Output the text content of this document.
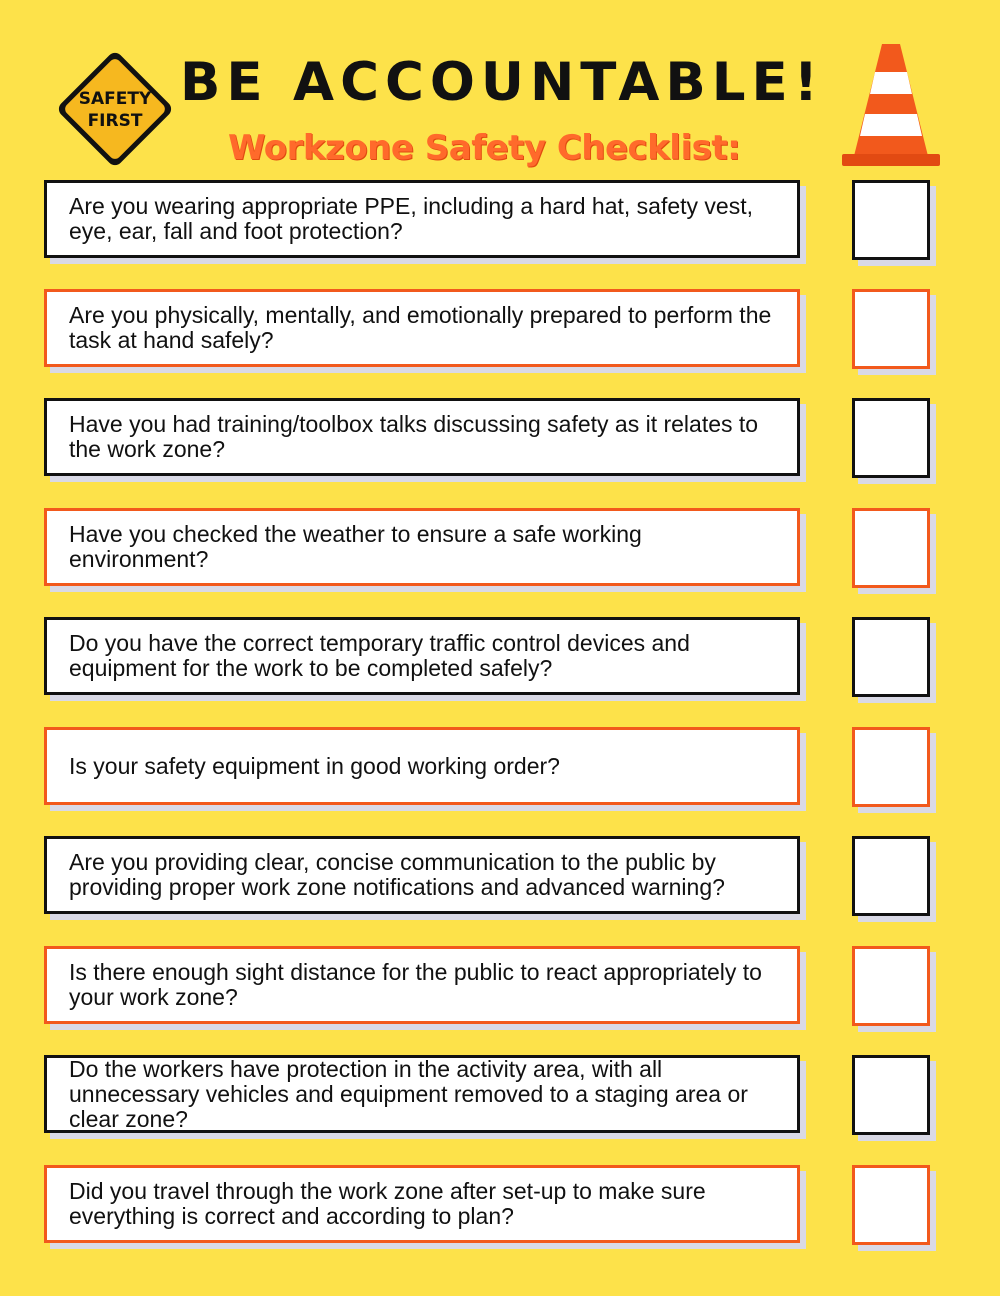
SAFETY
FIRST
BE ACCOUNTABLE!
Workzone Safety Checklist:
Are you wearing appropriate PPE, including a hard hat, safety vest, eye, ear, fall and foot protection?
Are you physically, mentally, and emotionally prepared to perform the task at hand safely?
Have you had training/toolbox talks discussing safety as it relates to the work zone?
Have you checked the weather to ensure a safe working environment?
Do you have the correct temporary traffic control devices and equipment for the work to be completed safely?
Is your safety equipment in good working order?
Are you providing clear, concise communication to the public by providing proper work zone notifications and advanced warning?
Is there enough sight distance for the public to react appropriately to your work zone?
Do the workers have protection in the activity area, with all unnecessary vehicles and equipment removed to a staging area or clear zone?
Did you travel through the work zone after set-up to make sure everything is correct and according to plan?
